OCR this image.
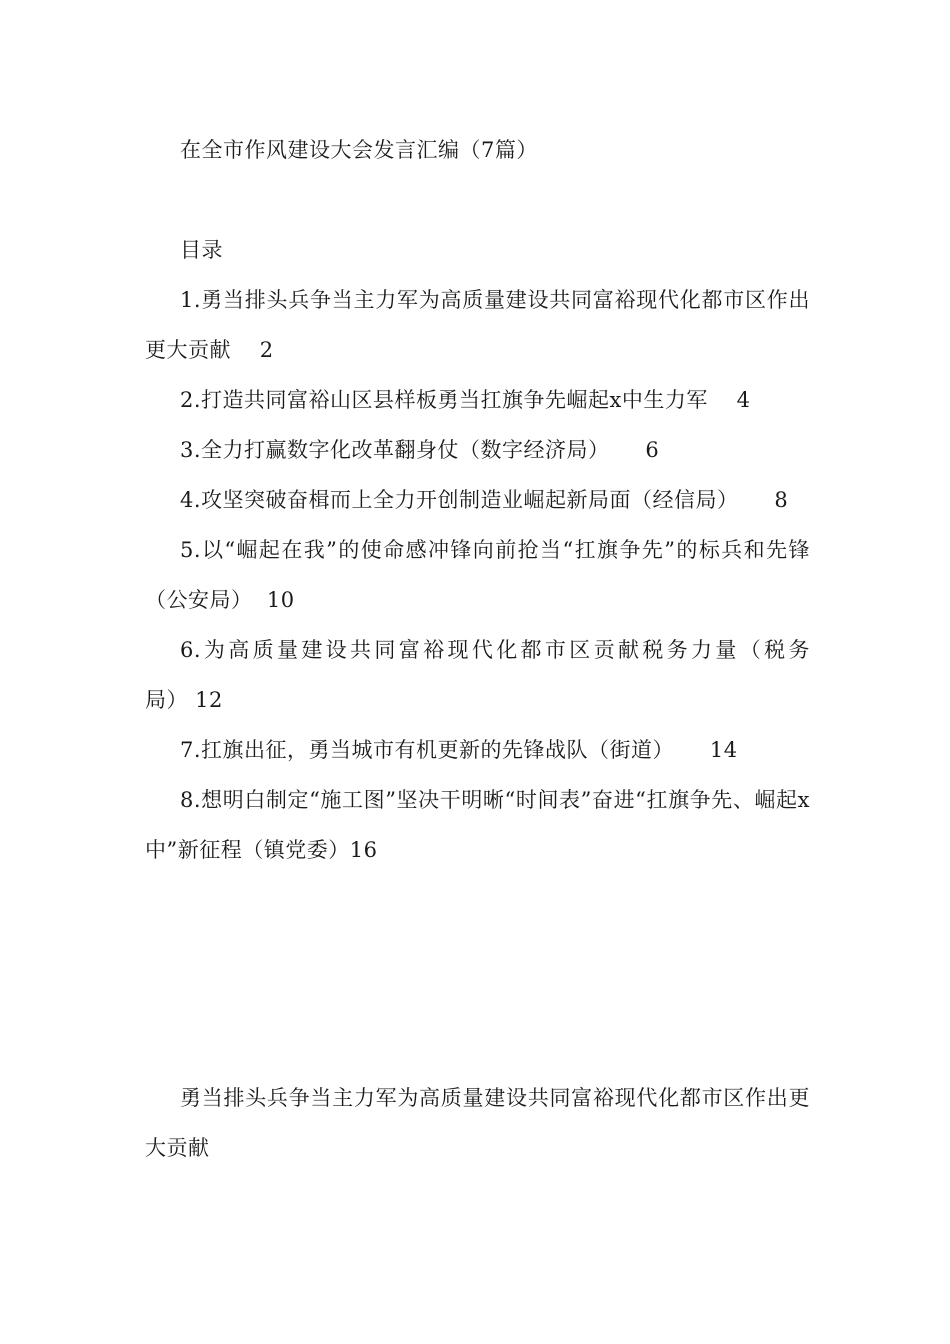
在全市作风建设大会发言汇编（7篇）
目录
1.勇当排头兵争当主力军为高质量建设共同富裕现代化都市区作出更大贡献    2
2.打造共同富裕山区县样板勇当扛旗争先崛起x中生力军    4
3.全力打赢数字化改革翻身仗（数字经济局）     6
4.攻坚突破奋楫而上全力开创制造业崛起新局面（经信局）     8
5.以“崛起在我”的使命感冲锋向前抢当“扛旗争先”的标兵和先锋（公安局）  10
6.为高质量建设共同富裕现代化都市区贡献税务力量（税务局） 12
7.扛旗出征，勇当城市有机更新的先锋战队（街道）     14
8.想明白制定“施工图”坚决干明晰“时间表”奋进“扛旗争先、崛起x中”新征程（镇党委）16
勇当排头兵争当主力军为高质量建设共同富裕现代化都市区作出更大贡献
